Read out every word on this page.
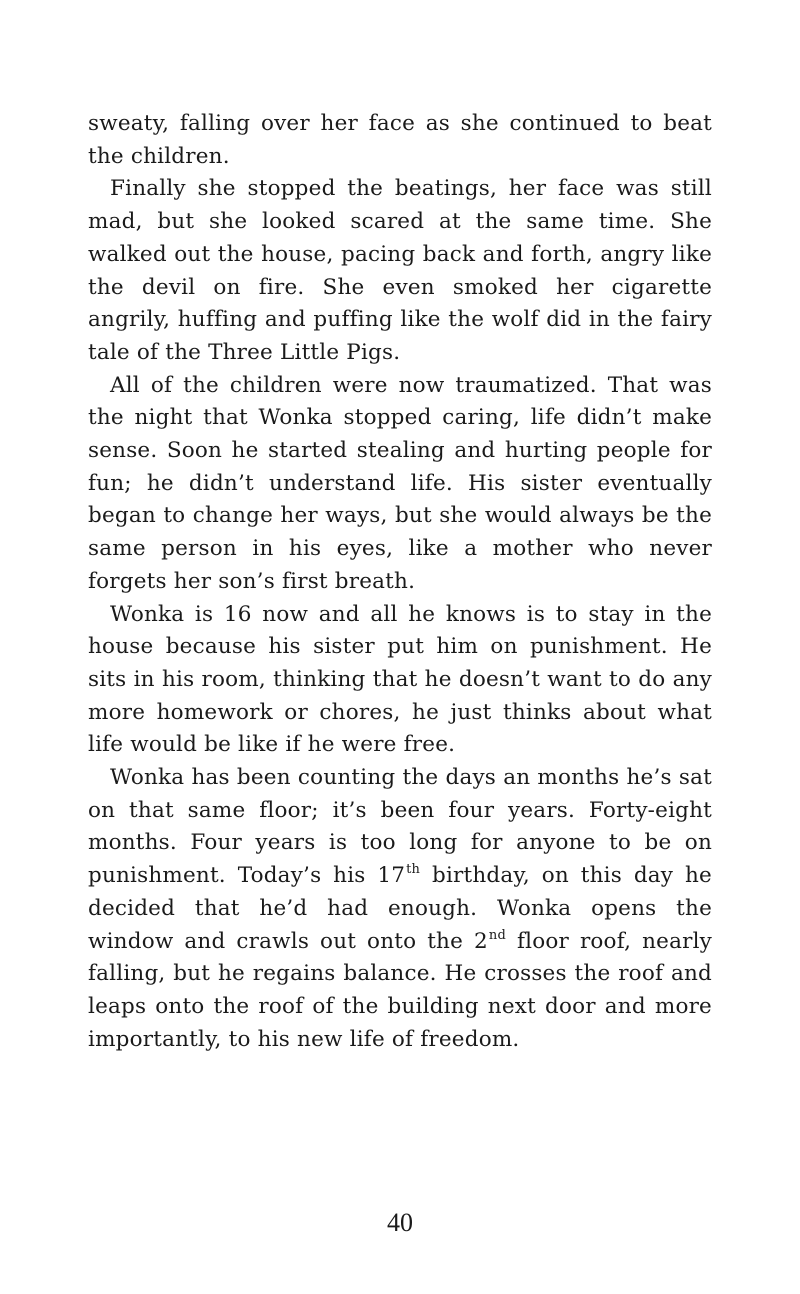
sweaty, falling over her face as she continued to beat the children.

Finally she stopped the beatings, her face was still mad, but she looked scared at the same time. She walked out the house, pacing back and forth, angry like the devil on fire. She even smoked her cigarette angrily, huffing and puffing like the wolf did in the fairy tale of the Three Little Pigs.

All of the children were now traumatized. That was the night that Wonka stopped caring, life didn’t make sense. Soon he started stealing and hurting people for fun; he didn’t understand life. His sister eventually began to change her ways, but she would always be the same person in his eyes, like a mother who never forgets her son’s first breath.

Wonka is 16 now and all he knows is to stay in the house because his sister put him on punishment. He sits in his room, thinking that he doesn’t want to do any more homework or chores, he just thinks about what life would be like if he were free.

Wonka has been counting the days an months he’s sat on that same floor; it’s been four years. Forty-eight months. Four years is too long for anyone to be on punishment. Today’s his 17th birthday, on this day he decided that he’d had enough. Wonka opens the window and crawls out onto the 2nd floor roof, nearly falling, but he regains balance. He crosses the roof and leaps onto the roof of the building next door and more importantly, to his new life of freedom.

40
